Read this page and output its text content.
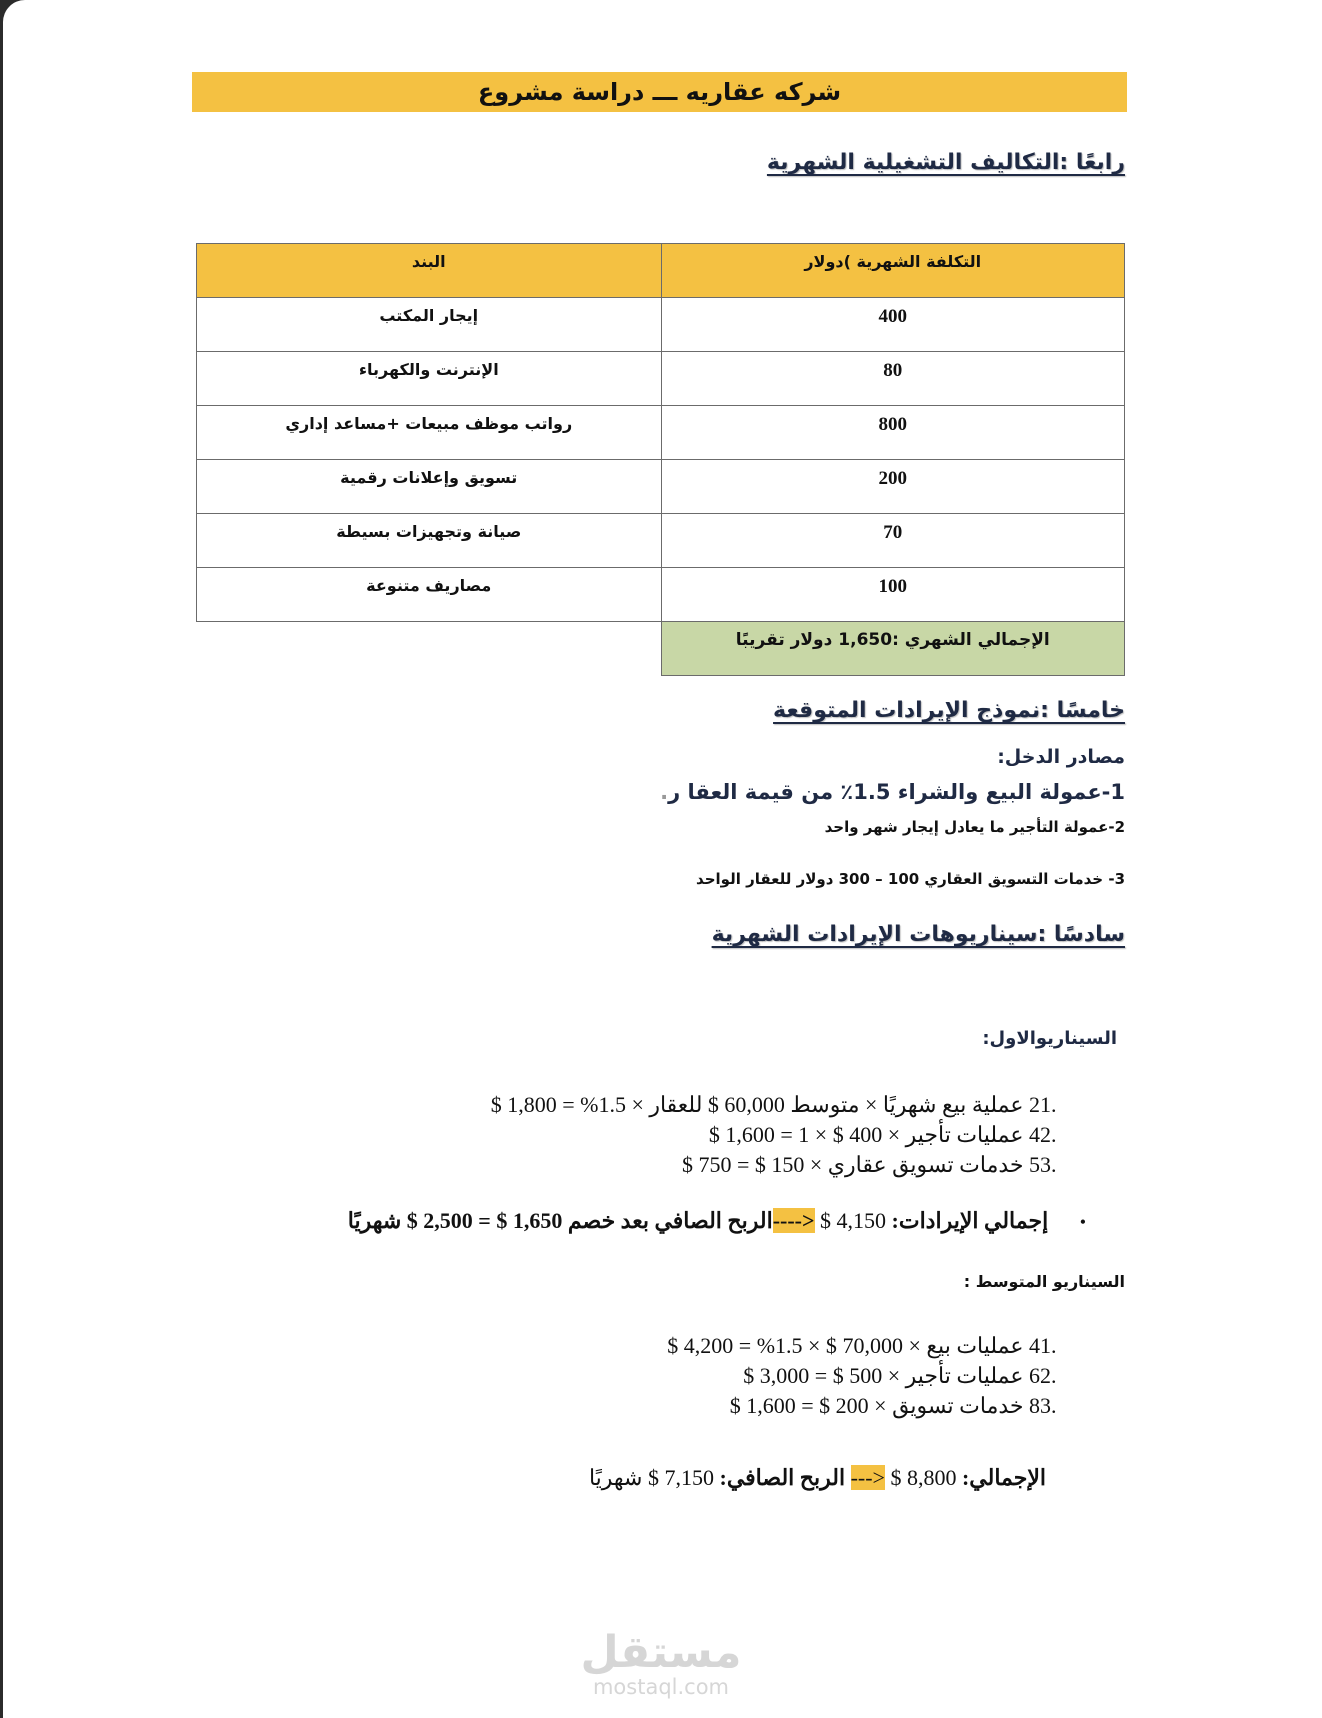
شركه عقاريه ـــ دراسة مشروع
رابعًا :التكاليف التشغيلية الشهرية
البند	التكلفة الشهرية )دولار
إيجار المكتب	400
الإنترنت والكهرباء	80
رواتب موظف مبيعات +مساعد إداري	800
تسويق وإعلانات رقمية	200
صيانة وتجهيزات بسيطة	70
مصاريف متنوعة	100
	الإجمالي الشهري :1,650 دولار تقريبًا
خامسًا :نموذج الإيرادات المتوقعة
مصادر الدخل:
1-عمولة البيع والشراء 1.5٪ من قيمة العقا ر.
2-عمولة التأجير ما يعادل إيجار شهر واحد
3- خدمات التسويق العقاري 100 – 300 دولار للعقار الواحد
سادسًا :سيناريوهات الإيرادات الشهرية
السيناريوالاول:
1.
2 عملية بيع شهريًا × متوسط 60,000 $ للعقار × 1.5% = 1,800 $
2.
4 عمليات تأجير × 400 $ × 1 = 1,600 $
3.
5 خدمات تسويق عقاري × 150 $ = 750 $
• إجمالي الإيرادات: 4,150 $ ---->الربح الصافي بعد خصم 1,650 $ = 2,500 $ شهريًا
السيناريو المتوسط :
1.
4 عمليات بيع × 70,000 $ × 1.5% = 4,200 $
2.
6 عمليات تأجير × 500 $ = 3,000 $
3.
8 خدمات تسويق × 200 $ = 1,600 $
الإجمالي: 8,800 $ ---> الربح الصافي: 7,150 $ شهريًا
مستقل
mostaql.com
